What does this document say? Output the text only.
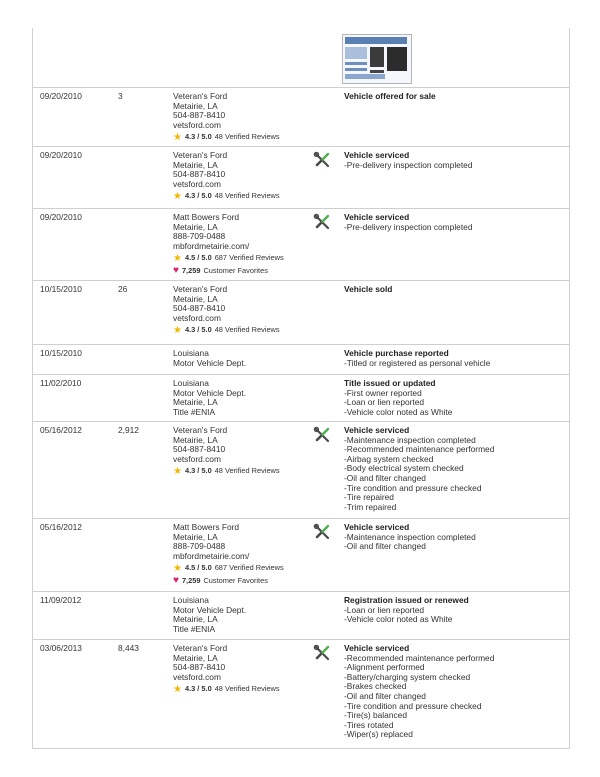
09/20/2010	3	Veteran's Ford
Metairie, LA
504-887-8410
vetsford.com
★ 4.3 / 5.0 48 Verified Reviews
Vehicle offered for sale
09/20/2010	Veteran's Ford
Metairie, LA
504-887-8410
vetsford.com
★ 4.3 / 5.0 48 Verified Reviews
Vehicle serviced
-Pre-delivery inspection completed
09/20/2010	Matt Bowers Ford
Metairie, LA
888-709-0488
mbfordmetairie.com/
★ 4.5 / 5.0 687 Verified Reviews
♥ 7,259 Customer Favorites
Vehicle serviced
-Pre-delivery inspection completed
10/15/2010	26	Veteran's Ford
Metairie, LA
504-887-8410
vetsford.com
★ 4.3 / 5.0 48 Verified Reviews
Vehicle sold
10/15/2010	Louisiana
Motor Vehicle Dept.
Vehicle purchase reported
-Titled or registered as personal vehicle
11/02/2010	Louisiana
Motor Vehicle Dept.
Metairie, LA
Title #ENIA
Title issued or updated
-First owner reported
-Loan or lien reported
-Vehicle color noted as White
05/16/2012	2,912	Veteran's Ford
Metairie, LA
504-887-8410
vetsford.com
★ 4.3 / 5.0 48 Verified Reviews
Vehicle serviced
-Maintenance inspection completed
-Recommended maintenance performed
-Airbag system checked
-Body electrical system checked
-Oil and filter changed
-Tire condition and pressure checked
-Tire repaired
-Trim repaired
05/16/2012	Matt Bowers Ford
Metairie, LA
888-709-0488
mbfordmetairie.com/
★ 4.5 / 5.0 687 Verified Reviews
♥ 7,259 Customer Favorites
Vehicle serviced
-Maintenance inspection completed
-Oil and filter changed
11/09/2012	Louisiana
Motor Vehicle Dept.
Metairie, LA
Title #ENIA
Registration issued or renewed
-Loan or lien reported
-Vehicle color noted as White
03/06/2013	8,443	Veteran's Ford
Metairie, LA
504-887-8410
vetsford.com
★ 4.3 / 5.0 48 Verified Reviews
Vehicle serviced
-Recommended maintenance performed
-Alignment performed
-Battery/charging system checked
-Brakes checked
-Oil and filter changed
-Tire condition and pressure checked
-Tire(s) balanced
-Tires rotated
-Wiper(s) replaced
